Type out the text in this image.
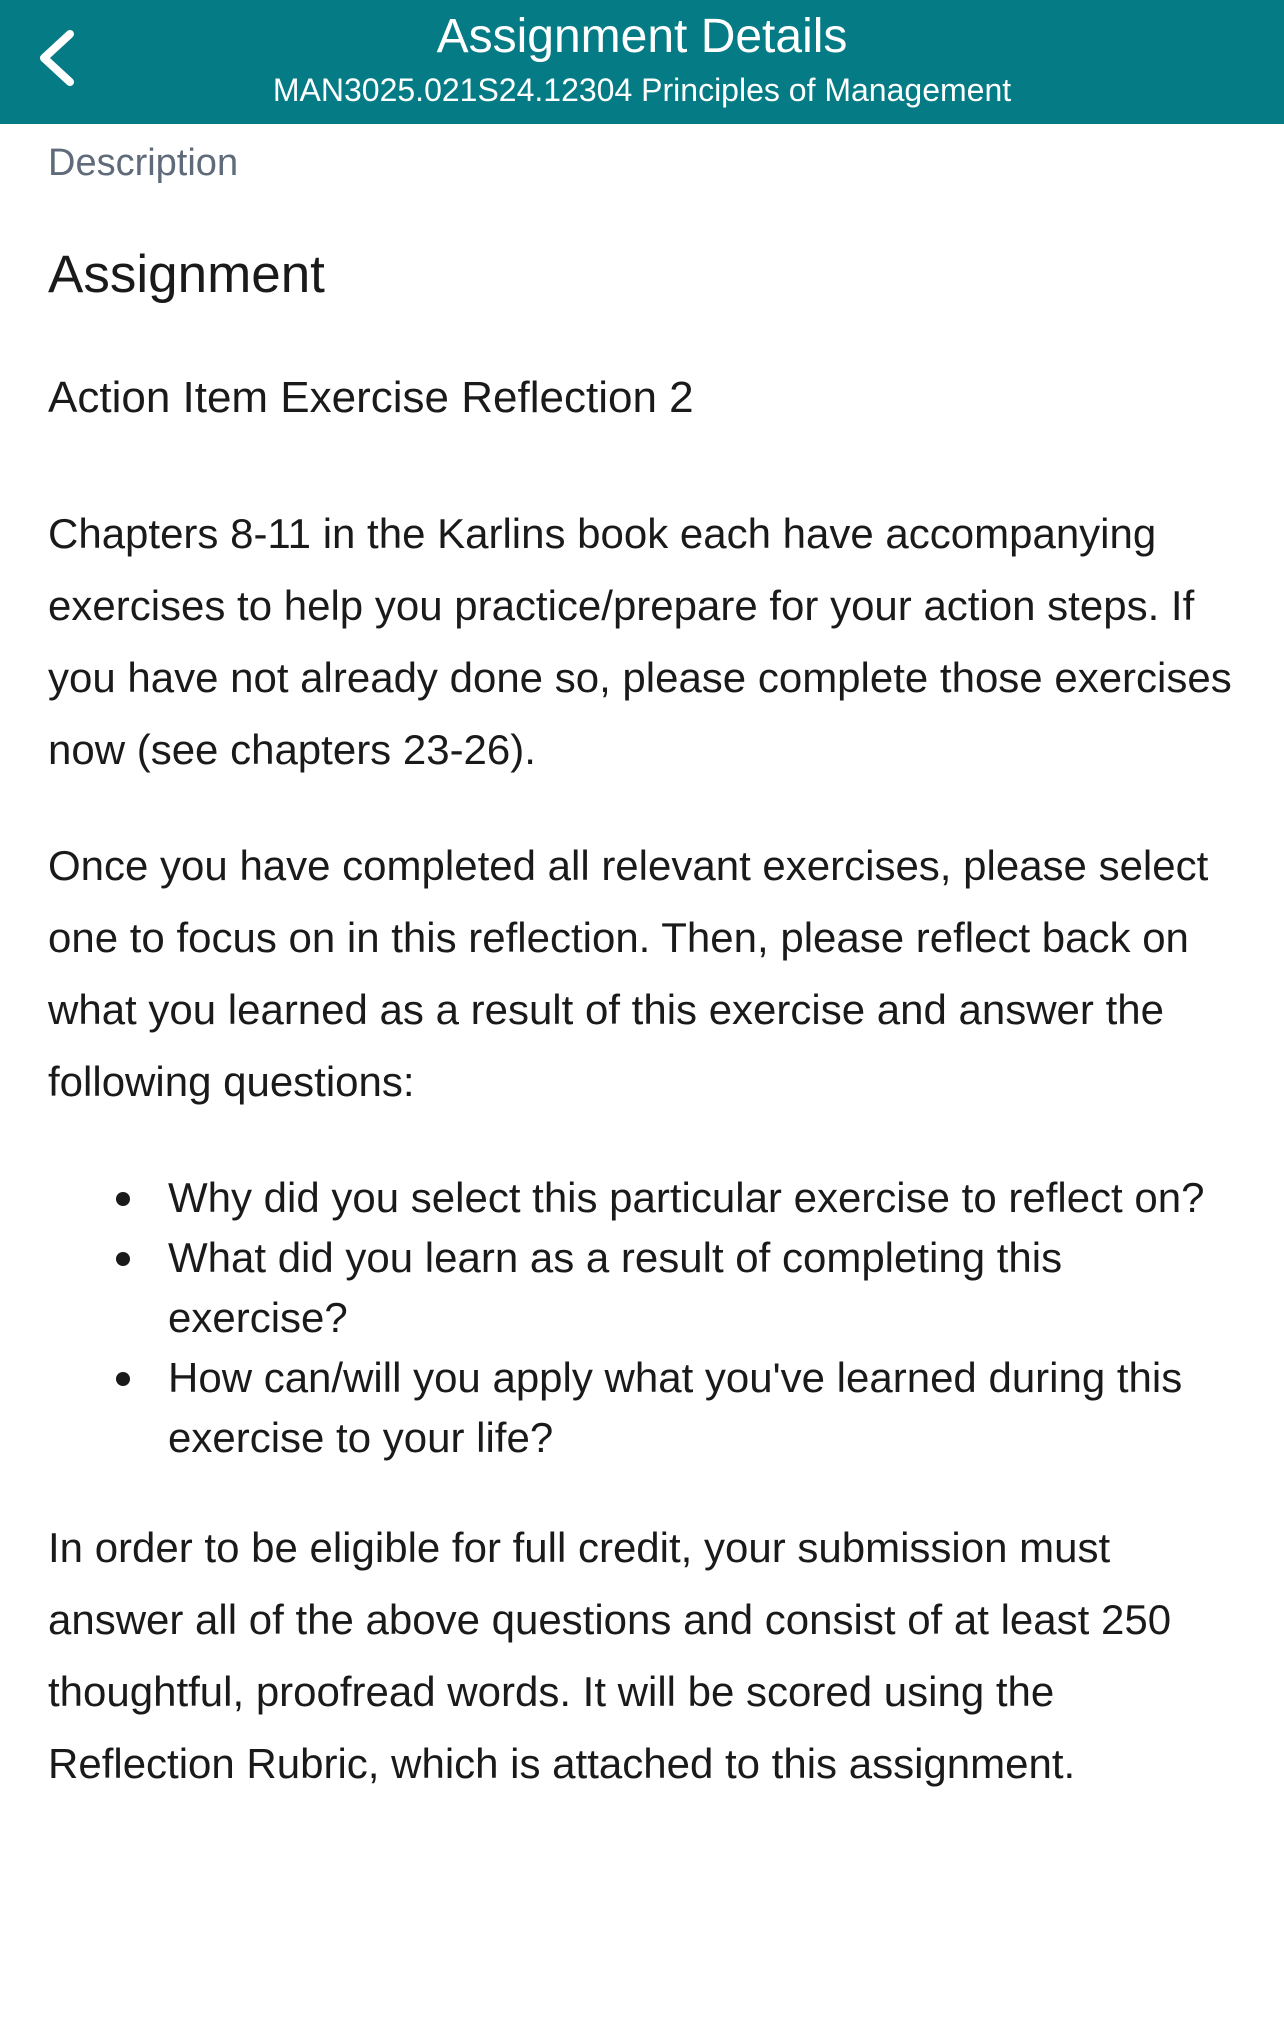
Assignment Details
MAN3025.021S24.12304 Principles of Management
Description
Assignment
Action Item Exercise Reflection 2

Chapters 8-11 in the Karlins book each have accompanying exercises to help you practice/prepare for your action steps. If you have not already done so, please complete those exercises now (see chapters 23-26).

Once you have completed all relevant exercises, please select one to focus on in this reflection. Then, please reflect back on what you learned as a result of this exercise and answer the following questions:

Why did you select this particular exercise to reflect on?
What did you learn as a result of completing this exercise?
How can/will you apply what you've learned during this exercise to your life?

In order to be eligible for full credit, your submission must answer all of the above questions and consist of at least 250 thoughtful, proofread words. It will be scored using the Reflection Rubric, which is attached to this assignment.
